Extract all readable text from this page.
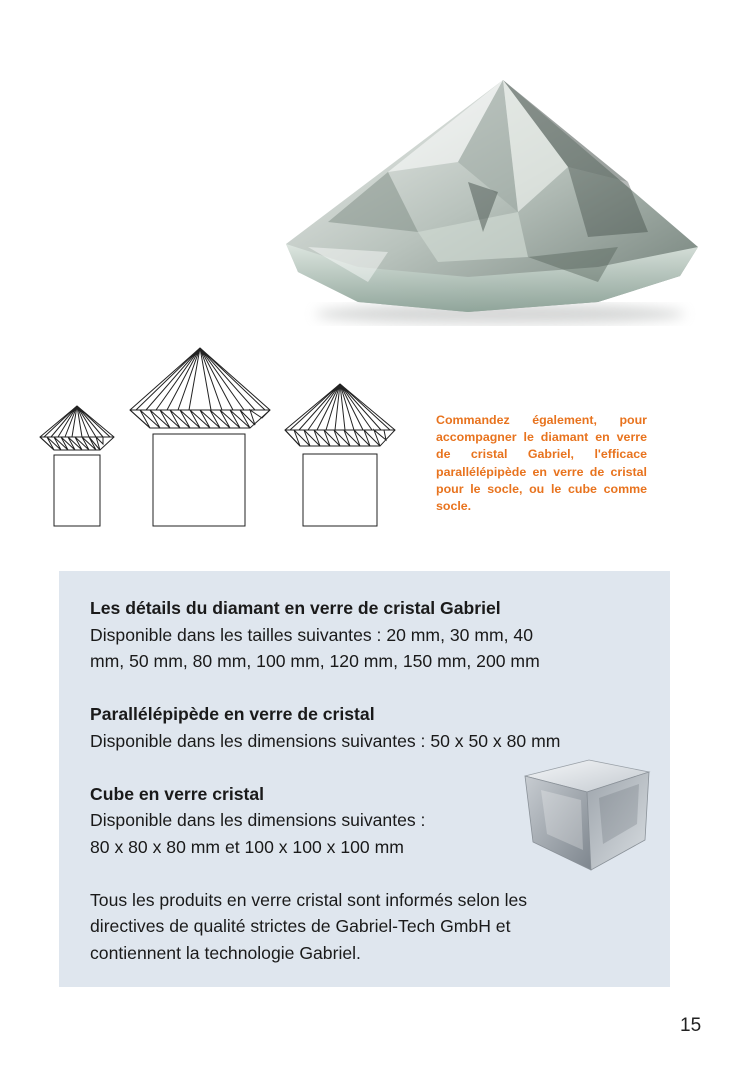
Commandez également, pour accompagner le diamant en verre de cristal Gabriel, l'efficace parallélépipède en verre de cristal pour le socle, ou le cube comme socle.

Les détails du diamant en verre de cristal Gabriel
Disponible dans les tailles suivantes : 20 mm, 30 mm, 40
mm, 50 mm, 80 mm, 100 mm, 120 mm, 150 mm, 200 mm

Parallélépipède en verre de cristal
Disponible dans les dimensions suivantes : 50 x 50 x 80 mm

Cube en verre cristal
Disponible dans les dimensions suivantes :
80 x 80 x 80 mm et 100 x 100 x 100 mm

Tous les produits en verre cristal sont informés selon les
directives de qualité strictes de Gabriel-Tech GmbH et
contiennent la technologie Gabriel.

15
